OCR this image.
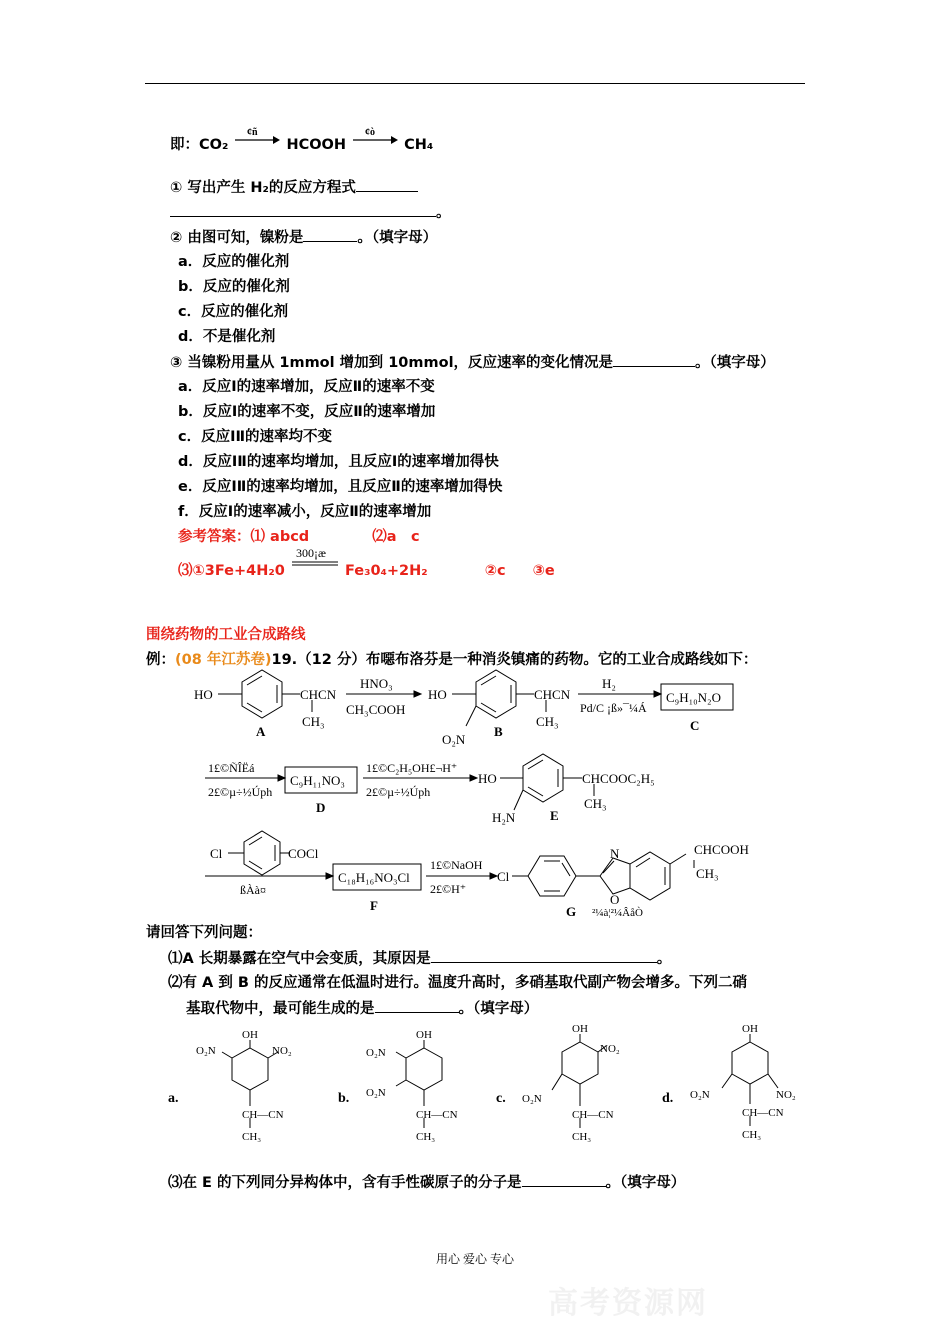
即：CO₂
¢ñ
HCOOH
¢ò
CH₄
① 写出产生 H₂的反应方程式
。
② 由图可知，镍粉是	。（填字母）
a．反应的催化剂
b．反应的催化剂
c．反应的催化剂
d．不是催化剂
③ 当镍粉用量从 1mmol 增加到 10mmol，反应速率的变化情况是	。（填字母）
a．反应Ⅰ的速率增加，反应Ⅱ的速率不变
b．反应Ⅰ的速率不变，反应Ⅱ的速率增加
c．反应ⅠⅡ的速率均不变
d．反应ⅠⅡ的速率均增加，且反应Ⅰ的速率增加得快
e．反应ⅠⅡ的速率均增加，且反应Ⅱ的速率增加得快
f．反应Ⅰ的速率减小，反应Ⅱ的速率增加
参考答案：⑴ abcd	⑵a　c
⑶①3Fe+4H₂0
300¡æ
Fe₃0₄+2H₂	②c ③e
围绕药物的工业合成路线
例：(08 年江苏卷)19.（12 分）布噁布洛芬是一种消炎镇痛的药物。它的工业合成路线如下：
HO	CHCN
CH₃
A
HNO₃
CH₃COOH
HO	CHCN
CH₃
O₂N
B
H₂
Pd/C ¡ß»¯¼Á
C₉H₁₀N₂O
C
1£©ÑÎËá
2£©µ÷½Úph
C₉H₁₁NO₃
D
1£©C₂H₅OH£¬H⁺
2£©µ÷½Úph
HO	CHCOOC₂H₅
CH₃
H₂N	E
Cl	COCl
ßÀà¤
C₁₈H₁₆NO₃Cl
F
1£©NaOH
2£©H⁺
Cl
N
O
CHCOOH
CH₃
G ²¼à¦²¼ÂåÒ
请回答下列问题：
⑴A 长期暴露在空气中会变质，其原因是	。
⑵有 A 到 B 的反应通常在低温时进行。温度升高时，多硝基取代副产物会增多。下列二硝
基取代物中，最可能生成的是	。（填字母）
a.
OH
O₂N	NO₂
CH—CN
CH₃
b.
OH
O₂N
O₂N
CH—CN
CH₃
c.
OH
NO₂
O₂N
CH—CN
CH₃
d.
OH
O₂N	NO₂
CH—CN
CH₃
⑶在 E 的下列同分异构体中，含有手性碳原子的分子是	。（填字母）
用心 爱心 专心
高考资源网
